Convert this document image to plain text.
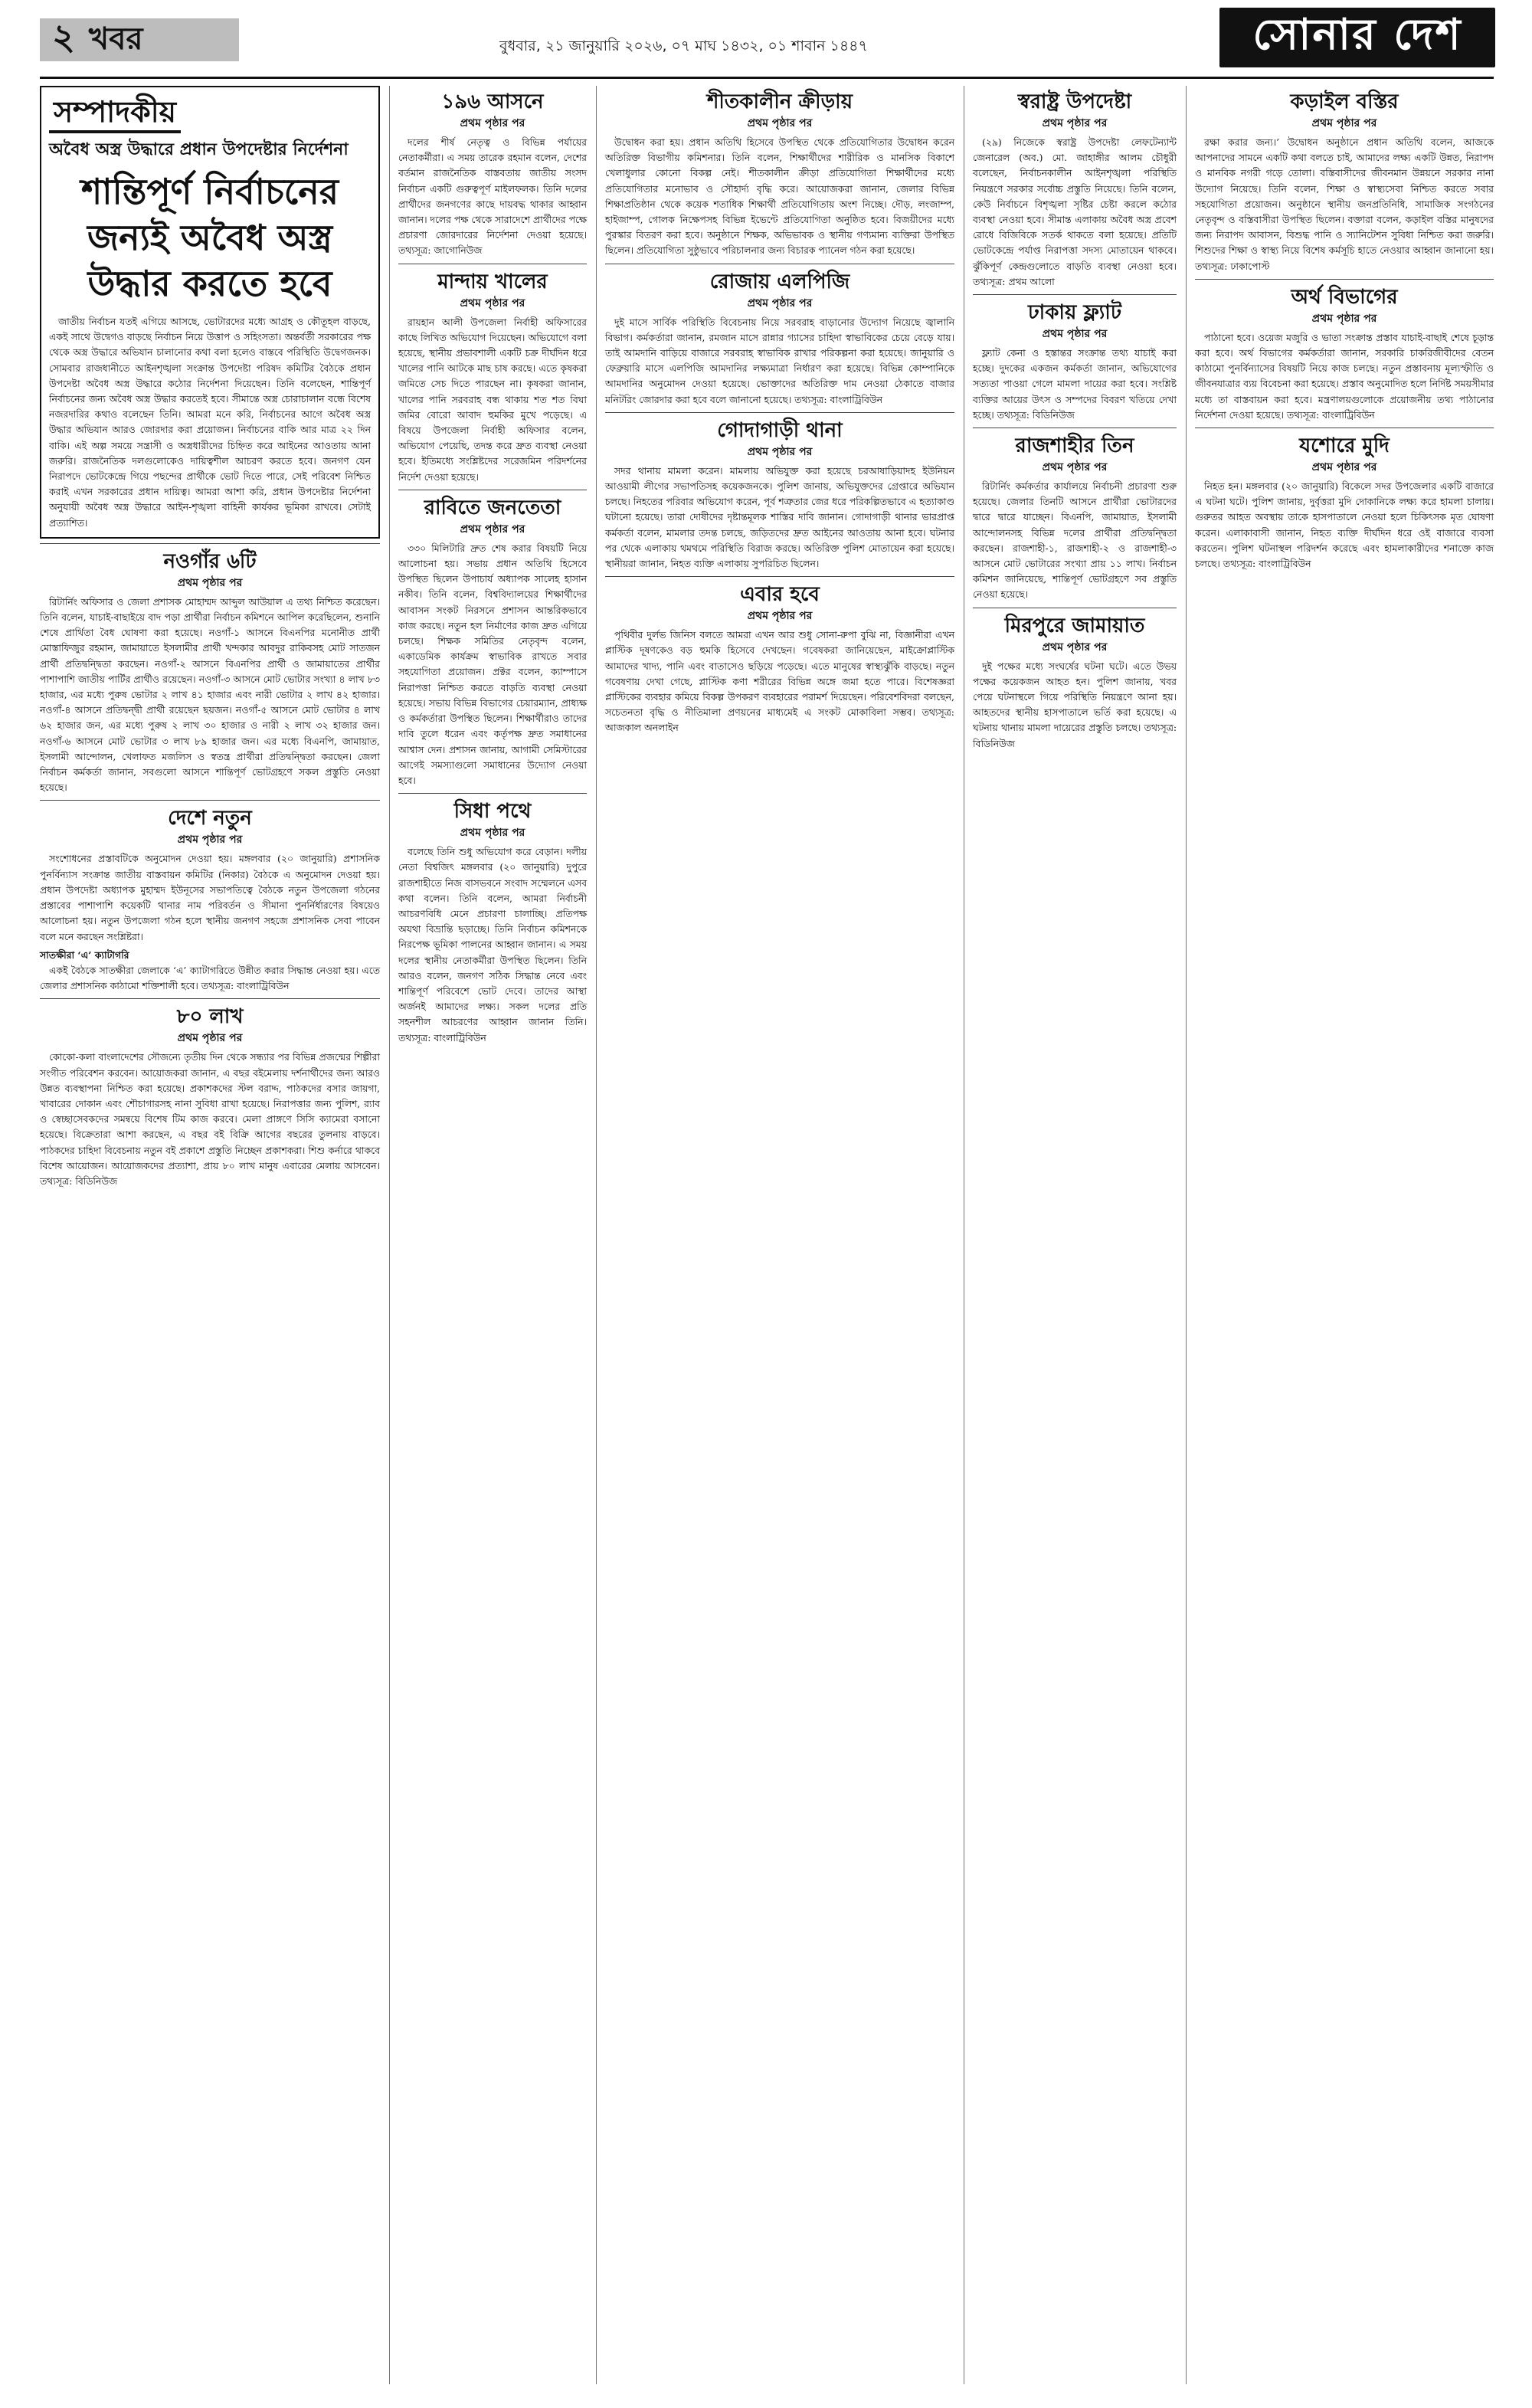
২ খবর	বুধবার, ২১ জানুয়ারি ২০২৬, ০৭ মাঘ ১৪৩২, ০১ শাবান ১৪৪৭	সোনার দেশ
সম্পাদকীয়
অবৈধ অস্ত্র উদ্ধারে প্রধান উপদেষ্টার নির্দেশনা
শান্তিপূর্ণ নির্বাচনের জন্যই অবৈধ অস্ত্র উদ্ধার করতে হবে

জাতীয় নির্বাচন যতই এগিয়ে আসছে, ভোটারদের মধ্যে আগ্রহ ও কৌতূহল বাড়ছে, একই সাথে উদ্বেগও বাড়ছে নির্বাচন নিয়ে উত্তাপ ও সহিংসতা। অন্তর্বর্তী সরকারের পক্ষ থেকে অস্ত্র উদ্ধারে অভিযান চালানোর কথা বলা হলেও বাস্তবে পরিস্থিতি উদ্বেগজনক। সোমবার রাজধানীতে আইনশৃঙ্খলা সংক্রান্ত উপদেষ্টা পরিষদ কমিটির বৈঠকে প্রধান উপদেষ্টা অবৈধ অস্ত্র উদ্ধারে কঠোর নির্দেশনা দিয়েছেন। তিনি বলেছেন, শান্তিপূর্ণ নির্বাচনের জন্য অবৈধ অস্ত্র উদ্ধার করতেই হবে। সীমান্তে অস্ত্র চোরাচালান বন্ধে বিশেষ নজরদারির কথাও বলেছেন তিনি। আমরা মনে করি, নির্বাচনের আগে অবৈধ অস্ত্র উদ্ধার অভিযান আরও জোরদার করা প্রয়োজন। নির্বাচনের বাকি আর মাত্র ২২ দিন বাকি। এই অল্প সময়ে সন্ত্রাসী ও অস্ত্রধারীদের চিহ্নিত করে আইনের আওতায় আনা জরুরি। রাজনৈতিক দলগুলোকেও দায়িত্বশীল আচরণ করতে হবে। জনগণ যেন নিরাপদে ভোটকেন্দ্রে গিয়ে পছন্দের প্রার্থীকে ভোট দিতে পারে, সেই পরিবেশ নিশ্চিত করাই এখন সরকারের প্রধান দায়িত্ব। আমরা আশা করি, প্রধান উপদেষ্টার নির্দেশনা অনুযায়ী অবৈধ অস্ত্র উদ্ধারে আইন-শৃঙ্খলা বাহিনী কার্যকর ভূমিকা রাখবে। সেটাই প্রত্যাশিত।

নওগাঁর ৬টি
প্রথম পৃষ্ঠার পর

রিটার্নিং অফিসার ও জেলা প্রশাসক মোহাম্মদ আব্দুল আউয়াল এ তথ্য নিশ্চিত করেছেন। তিনি বলেন, যাচাই-বাছাইয়ে বাদ পড়া প্রার্থীরা নির্বাচন কমিশনে আপিল করেছিলেন, শুনানি শেষে প্রার্থিতা বৈধ ঘোষণা করা হয়েছে। নওগাঁ-১ আসনে বিএনপির মনোনীত প্রার্থী মোস্তাফিজুর রহমান, জামায়াতে ইসলামীর প্রার্থী খন্দকার আবদুর রাকিবসহ মোট সাতজন প্রার্থী প্রতিদ্বন্দ্বিতা করছেন। নওগাঁ-২ আসনে বিএনপির প্রার্থী ও জামায়াতের প্রার্থীর পাশাপাশি জাতীয় পার্টির প্রার্থীও রয়েছেন। নওগাঁ-৩ আসনে মোট ভোটার সংখ্যা ৪ লাখ ৮৩ হাজার, এর মধ্যে পুরুষ ভোটার ২ লাখ ৪১ হাজার এবং নারী ভোটার ২ লাখ ৪২ হাজার। নওগাঁ-৪ আসনে প্রতিদ্বন্দ্বী প্রার্থী রয়েছেন ছয়জন। নওগাঁ-৫ আসনে মোট ভোটার ৪ লাখ ৬২ হাজার জন, এর মধ্যে পুরুষ ২ লাখ ৩০ হাজার ও নারী ২ লাখ ৩২ হাজার জন। নওগাঁ-৬ আসনে মোট ভোটার ৩ লাখ ৮৯ হাজার জন। এর মধ্যে বিএনপি, জামায়াত, ইসলামী আন্দোলন, খেলাফত মজলিস ও স্বতন্ত্র প্রার্থীরা প্রতিদ্বন্দ্বিতা করছেন। জেলা নির্বাচন কর্মকর্তা জানান, সবগুলো আসনে শান্তিপূর্ণ ভোটগ্রহণে সকল প্রস্তুতি নেওয়া হয়েছে।

দেশে নতুন
প্রথম পৃষ্ঠার পর

সংশোধনের প্রস্তাবটিকে অনুমোদন দেওয়া হয়। মঙ্গলবার (২০ জানুয়ারি) প্রশাসনিক পুনর্বিন্যাস সংক্রান্ত জাতীয় বাস্তবায়ন কমিটির (নিকার) বৈঠকে এ অনুমোদন দেওয়া হয়। প্রধান উপদেষ্টা অধ্যাপক মুহাম্মদ ইউনূসের সভাপতিত্বে বৈঠকে নতুন উপজেলা গঠনের প্রস্তাবের পাশাপাশি কয়েকটি থানার নাম পরিবর্তন ও সীমানা পুনর্নির্ধারণের বিষয়েও আলোচনা হয়। নতুন উপজেলা গঠন হলে স্থানীয় জনগণ সহজে প্রশাসনিক সেবা পাবেন বলে মনে করছেন সংশ্লিষ্টরা।

সাতক্ষীরা ‘এ’ ক্যাটাগরি

একই বৈঠকে সাতক্ষীরা জেলাকে ‘এ’ ক্যাটাগরিতে উন্নীত করার সিদ্ধান্ত নেওয়া হয়। এতে জেলার প্রশাসনিক কাঠামো শক্তিশালী হবে। তথ্যসূত্র: বাংলাট্রিবিউন

৮০ লাখ
প্রথম পৃষ্ঠার পর

কোকো-কলা বাংলাদেশের সৌজন্যে তৃতীয় দিন থেকে সন্ধ্যার পর বিভিন্ন প্রজন্মের শিল্পীরা সংগীত পরিবেশন করবেন। আয়োজকরা জানান, এ বছর বইমেলায় দর্শনার্থীদের জন্য আরও উন্নত ব্যবস্থাপনা নিশ্চিত করা হয়েছে। প্রকাশকদের স্টল বরাদ্দ, পাঠকদের বসার জায়গা, খাবারের দোকান এবং শৌচাগারসহ নানা সুবিধা রাখা হয়েছে। নিরাপত্তার জন্য পুলিশ, র‍্যাব ও স্বেচ্ছাসেবকদের সমন্বয়ে বিশেষ টিম কাজ করবে। মেলা প্রাঙ্গণে সিসি ক্যামেরা বসানো হয়েছে। বিক্রেতারা আশা করছেন, এ বছর বই বিক্রি আগের বছরের তুলনায় বাড়বে। পাঠকদের চাহিদা বিবেচনায় নতুন বই প্রকাশে প্রস্তুতি নিচ্ছেন প্রকাশকরা। শিশু কর্নারে থাকবে বিশেষ আয়োজন। আয়োজকদের প্রত্যাশা, প্রায় ৮০ লাখ মানুষ এবারের মেলায় আসবেন। তথ্যসূত্র: বিডিনিউজ

১৯৬ আসনে
প্রথম পৃষ্ঠার পর

দলের শীর্ষ নেতৃত্ব ও বিভিন্ন পর্যায়ের নেতাকর্মীরা। এ সময় তারেক রহমান বলেন, দেশের বর্তমান রাজনৈতিক বাস্তবতায় জাতীয় সংসদ নির্বাচন একটি গুরুত্বপূর্ণ মাইলফলক। তিনি দলের প্রার্থীদের জনগণের কাছে দায়বদ্ধ থাকার আহ্বান জানান। দলের পক্ষ থেকে সারাদেশে প্রার্থীদের পক্ষে প্রচারণা জোরদারের নির্দেশনা দেওয়া হয়েছে। তথ্যসূত্র: জাগোনিউজ

মান্দায় খালের
প্রথম পৃষ্ঠার পর

রায়হান আলী উপজেলা নির্বাহী অফিসারের কাছে লিখিত অভিযোগ দিয়েছেন। অভিযোগে বলা হয়েছে, স্থানীয় প্রভাবশালী একটি চক্র দীর্ঘদিন ধরে খালের পানি আটকে মাছ চাষ করছে। এতে কৃষকরা জমিতে সেচ দিতে পারছেন না। কৃষকরা জানান, খালের পানি সরবরাহ বন্ধ থাকায় শত শত বিঘা জমির বোরো আবাদ হুমকির মুখে পড়েছে। এ বিষয়ে উপজেলা নির্বাহী অফিসার বলেন, অভিযোগ পেয়েছি, তদন্ত করে দ্রুত ব্যবস্থা নেওয়া হবে। ইতিমধ্যে সংশ্লিষ্টদের সরেজমিন পরিদর্শনের নির্দেশ দেওয়া হয়েছে।

রাবিতে জনতেতা
প্রথম পৃষ্ঠার পর

৩৩০ মিলিটারি দ্রুত শেষ করার বিষয়টি নিয়ে আলোচনা হয়। সভায় প্রধান অতিথি হিসেবে উপস্থিত ছিলেন উপাচার্য অধ্যাপক সালেহ হাসান নকীব। তিনি বলেন, বিশ্ববিদ্যালয়ের শিক্ষার্থীদের আবাসন সংকট নিরসনে প্রশাসন আন্তরিকভাবে কাজ করছে। নতুন হল নির্মাণের কাজ দ্রুত এগিয়ে চলছে। শিক্ষক সমিতির নেতৃবৃন্দ বলেন, একাডেমিক কার্যক্রম স্বাভাবিক রাখতে সবার সহযোগিতা প্রয়োজন। প্রক্টর বলেন, ক্যাম্পাসে নিরাপত্তা নিশ্চিত করতে বাড়তি ব্যবস্থা নেওয়া হয়েছে। সভায় বিভিন্ন বিভাগের চেয়ারম্যান, প্রাধ্যক্ষ ও কর্মকর্তারা উপস্থিত ছিলেন। শিক্ষার্থীরাও তাদের দাবি তুলে ধরেন এবং কর্তৃপক্ষ দ্রুত সমাধানের আশ্বাস দেন। প্রশাসন জানায়, আগামী সেমিস্টারের আগেই সমস্যাগুলো সমাধানের উদ্যোগ নেওয়া হবে।

সিধা পথে
প্রথম পৃষ্ঠার পর

বলেছে তিনি শুধু অভিযোগ করে বেড়ান। দলীয় নেতা বিশ্বজিৎ মঙ্গলবার (২০ জানুয়ারি) দুপুরে রাজশাহীতে নিজ বাসভবনে সংবাদ সম্মেলনে এসব কথা বলেন। তিনি বলেন, আমরা নির্বাচনী আচরণবিধি মেনে প্রচারণা চালাচ্ছি। প্রতিপক্ষ অযথা বিভ্রান্তি ছড়াচ্ছে। তিনি নির্বাচন কমিশনকে নিরপেক্ষ ভূমিকা পালনের আহ্বান জানান। এ সময় দলের স্থানীয় নেতাকর্মীরা উপস্থিত ছিলেন। তিনি আরও বলেন, জনগণ সঠিক সিদ্ধান্ত নেবে এবং শান্তিপূর্ণ পরিবেশে ভোট দেবে। তাদের আস্থা অর্জনই আমাদের লক্ষ্য। সকল দলের প্রতি সহনশীল আচরণের আহ্বান জানান তিনি। তথ্যসূত্র: বাংলাট্রিবিউন

শীতকালীন ক্রীড়ায়
প্রথম পৃষ্ঠার পর

উদ্বোধন করা হয়। প্রধান অতিথি হিসেবে উপস্থিত থেকে প্রতিযোগিতার উদ্বোধন করেন অতিরিক্ত বিভাগীয় কমিশনার। তিনি বলেন, শিক্ষার্থীদের শারীরিক ও মানসিক বিকাশে খেলাধুলার কোনো বিকল্প নেই। শীতকালীন ক্রীড়া প্রতিযোগিতা শিক্ষার্থীদের মধ্যে প্রতিযোগিতার মনোভাব ও সৌহার্দ্য বৃদ্ধি করে। আয়োজকরা জানান, জেলার বিভিন্ন শিক্ষাপ্রতিষ্ঠান থেকে কয়েক শতাধিক শিক্ষার্থী প্রতিযোগিতায় অংশ নিচ্ছে। দৌড়, লংজাম্প, হাইজাম্প, গোলক নিক্ষেপসহ বিভিন্ন ইভেন্টে প্রতিযোগিতা অনুষ্ঠিত হবে। বিজয়ীদের মধ্যে পুরস্কার বিতরণ করা হবে। অনুষ্ঠানে শিক্ষক, অভিভাবক ও স্থানীয় গণ্যমান্য ব্যক্তিরা উপস্থিত ছিলেন। প্রতিযোগিতা সুষ্ঠুভাবে পরিচালনার জন্য বিচারক প্যানেল গঠন করা হয়েছে।

রোজায় এলপিজি
প্রথম পৃষ্ঠার পর

দুই মাসে সার্বিক পরিস্থিতি বিবেচনায় নিয়ে সরবরাহ বাড়ানোর উদ্যোগ নিয়েছে জ্বালানি বিভাগ। কর্মকর্তারা জানান, রমজান মাসে রান্নার গ্যাসের চাহিদা স্বাভাবিকের চেয়ে বেড়ে যায়। তাই আমদানি বাড়িয়ে বাজারে সরবরাহ স্বাভাবিক রাখার পরিকল্পনা করা হয়েছে। জানুয়ারি ও ফেব্রুয়ারি মাসে এলপিজি আমদানির লক্ষ্যমাত্রা নির্ধারণ করা হয়েছে। বিভিন্ন কোম্পানিকে আমদানির অনুমোদন দেওয়া হয়েছে। ভোক্তাদের অতিরিক্ত দাম নেওয়া ঠেকাতে বাজার মনিটরিং জোরদার করা হবে বলে জানানো হয়েছে। তথ্যসূত্র: বাংলাট্রিবিউন

গোদাগাড়ী থানা
প্রথম পৃষ্ঠার পর

সদর থানায় মামলা করেন। মামলায় অভিযুক্ত করা হয়েছে চরআষাড়িয়াদহ ইউনিয়ন আওয়ামী লীগের সভাপতিসহ কয়েকজনকে। পুলিশ জানায়, অভিযুক্তদের গ্রেপ্তারে অভিযান চলছে। নিহতের পরিবার অভিযোগ করেন, পূর্ব শত্রুতার জের ধরে পরিকল্পিতভাবে এ হত্যাকাণ্ড ঘটানো হয়েছে। তারা দোষীদের দৃষ্টান্তমূলক শাস্তির দাবি জানান। গোদাগাড়ী থানার ভারপ্রাপ্ত কর্মকর্তা বলেন, মামলার তদন্ত চলছে, জড়িতদের দ্রুত আইনের আওতায় আনা হবে। ঘটনার পর থেকে এলাকায় থমথমে পরিস্থিতি বিরাজ করছে। অতিরিক্ত পুলিশ মোতায়েন করা হয়েছে। স্থানীয়রা জানান, নিহত ব্যক্তি এলাকায় সুপরিচিত ছিলেন।

এবার হবে
প্রথম পৃষ্ঠার পর

পৃথিবীর দুর্লভ জিনিস বলতে আমরা এখন আর শুধু সোনা-রুপা বুঝি না, বিজ্ঞানীরা এখন প্লাস্টিক দূষণকেও বড় হুমকি হিসেবে দেখছেন। গবেষকরা জানিয়েছেন, মাইক্রোপ্লাস্টিক আমাদের খাদ্য, পানি এবং বাতাসেও ছড়িয়ে পড়েছে। এতে মানুষের স্বাস্থ্যঝুঁকি বাড়ছে। নতুন গবেষণায় দেখা গেছে, প্লাস্টিক কণা শরীরের বিভিন্ন অঙ্গে জমা হতে পারে। বিশেষজ্ঞরা প্লাস্টিকের ব্যবহার কমিয়ে বিকল্প উপকরণ ব্যবহারের পরামর্শ দিয়েছেন। পরিবেশবিদরা বলছেন, সচেতনতা বৃদ্ধি ও নীতিমালা প্রণয়নের মাধ্যমেই এ সংকট মোকাবিলা সম্ভব। তথ্যসূত্র: আজকাল অনলাইন

স্বরাষ্ট্র উপদেষ্টা
প্রথম পৃষ্ঠার পর

(২৯) নিজেকে স্বরাষ্ট্র উপদেষ্টা লেফটেন্যান্ট জেনারেল (অব.) মো. জাহাঙ্গীর আলম চৌধুরী বলেছেন, নির্বাচনকালীন আইনশৃঙ্খলা পরিস্থিতি নিয়ন্ত্রণে সরকার সর্বোচ্চ প্রস্তুতি নিয়েছে। তিনি বলেন, কেউ নির্বাচনে বিশৃঙ্খলা সৃষ্টির চেষ্টা করলে কঠোর ব্যবস্থা নেওয়া হবে। সীমান্ত এলাকায় অবৈধ অস্ত্র প্রবেশ রোধে বিজিবিকে সতর্ক থাকতে বলা হয়েছে। প্রতিটি ভোটকেন্দ্রে পর্যাপ্ত নিরাপত্তা সদস্য মোতায়েন থাকবে। ঝুঁকিপূর্ণ কেন্দ্রগুলোতে বাড়তি ব্যবস্থা নেওয়া হবে। তথ্যসূত্র: প্রথম আলো

ঢাকায় ফ্ল্যাট
প্রথম পৃষ্ঠার পর

ফ্ল্যাট কেনা ও হস্তান্তর সংক্রান্ত তথ্য যাচাই করা হচ্ছে। দুদকের একজন কর্মকর্তা জানান, অভিযোগের সত্যতা পাওয়া গেলে মামলা দায়ের করা হবে। সংশ্লিষ্ট ব্যক্তির আয়ের উৎস ও সম্পদের বিবরণ খতিয়ে দেখা হচ্ছে। তথ্যসূত্র: বিডিনিউজ

রাজশাহীর তিন
প্রথম পৃষ্ঠার পর

রিটার্নিং কর্মকর্তার কার্যালয়ে নির্বাচনী প্রচারণা শুরু হয়েছে। জেলার তিনটি আসনে প্রার্থীরা ভোটারদের দ্বারে দ্বারে যাচ্ছেন। বিএনপি, জামায়াত, ইসলামী আন্দোলনসহ বিভিন্ন দলের প্রার্থীরা প্রতিদ্বন্দ্বিতা করছেন। রাজশাহী-১, রাজশাহী-২ ও রাজশাহী-৩ আসনে মোট ভোটারের সংখ্যা প্রায় ১১ লাখ। নির্বাচন কমিশন জানিয়েছে, শান্তিপূর্ণ ভোটগ্রহণে সব প্রস্তুতি নেওয়া হয়েছে।

মিরপুরে জামায়াত
প্রথম পৃষ্ঠার পর

দুই পক্ষের মধ্যে সংঘর্ষের ঘটনা ঘটে। এতে উভয় পক্ষের কয়েকজন আহত হন। পুলিশ জানায়, খবর পেয়ে ঘটনাস্থলে গিয়ে পরিস্থিতি নিয়ন্ত্রণে আনা হয়। আহতদের স্থানীয় হাসপাতালে ভর্তি করা হয়েছে। এ ঘটনায় থানায় মামলা দায়েরের প্রস্তুতি চলছে। তথ্যসূত্র: বিডিনিউজ

কড়াইল বস্তির
প্রথম পৃষ্ঠার পর

রক্ষা করার জন্য।’ উদ্বোধন অনুষ্ঠানে প্রধান অতিথি বলেন, আজকে আপনাদের সামনে একটি কথা বলতে চাই, আমাদের লক্ষ্য একটি উন্নত, নিরাপদ ও মানবিক নগরী গড়ে তোলা। বস্তিবাসীদের জীবনমান উন্নয়নে সরকার নানা উদ্যোগ নিয়েছে। তিনি বলেন, শিক্ষা ও স্বাস্থ্যসেবা নিশ্চিত করতে সবার সহযোগিতা প্রয়োজন। অনুষ্ঠানে স্থানীয় জনপ্রতিনিধি, সামাজিক সংগঠনের নেতৃবৃন্দ ও বস্তিবাসীরা উপস্থিত ছিলেন। বক্তারা বলেন, কড়াইল বস্তির মানুষদের জন্য নিরাপদ আবাসন, বিশুদ্ধ পানি ও স্যানিটেশন সুবিধা নিশ্চিত করা জরুরি। শিশুদের শিক্ষা ও স্বাস্থ্য নিয়ে বিশেষ কর্মসূচি হাতে নেওয়ার আহ্বান জানানো হয়। তথ্যসূত্র: ঢাকাপোস্ট

অর্থ বিভাগের
প্রথম পৃষ্ঠার পর

পাঠানো হবে। ওয়েজ মজুরি ও ভাতা সংক্রান্ত প্রস্তাব যাচাই-বাছাই শেষে চূড়ান্ত করা হবে। অর্থ বিভাগের কর্মকর্তারা জানান, সরকারি চাকরিজীবীদের বেতন কাঠামো পুনর্বিন্যাসের বিষয়টি নিয়ে কাজ চলছে। নতুন প্রস্তাবনায় মূল্যস্ফীতি ও জীবনযাত্রার ব্যয় বিবেচনা করা হয়েছে। প্রস্তাব অনুমোদিত হলে নির্দিষ্ট সময়সীমার মধ্যে তা বাস্তবায়ন করা হবে। মন্ত্রণালয়গুলোকে প্রয়োজনীয় তথ্য পাঠানোর নির্দেশনা দেওয়া হয়েছে। তথ্যসূত্র: বাংলাট্রিবিউন

যশোরে মুদি
প্রথম পৃষ্ঠার পর

নিহত হন। মঙ্গলবার (২০ জানুয়ারি) বিকেলে সদর উপজেলার একটি বাজারে এ ঘটনা ঘটে। পুলিশ জানায়, দুর্বৃত্তরা মুদি দোকানিকে লক্ষ্য করে হামলা চালায়। গুরুতর আহত অবস্থায় তাকে হাসপাতালে নেওয়া হলে চিকিৎসক মৃত ঘোষণা করেন। এলাকাবাসী জানান, নিহত ব্যক্তি দীর্ঘদিন ধরে ওই বাজারে ব্যবসা করতেন। পুলিশ ঘটনাস্থল পরিদর্শন করেছে এবং হামলাকারীদের শনাক্তে কাজ চলছে। তথ্যসূত্র: বাংলাট্রিবিউন
